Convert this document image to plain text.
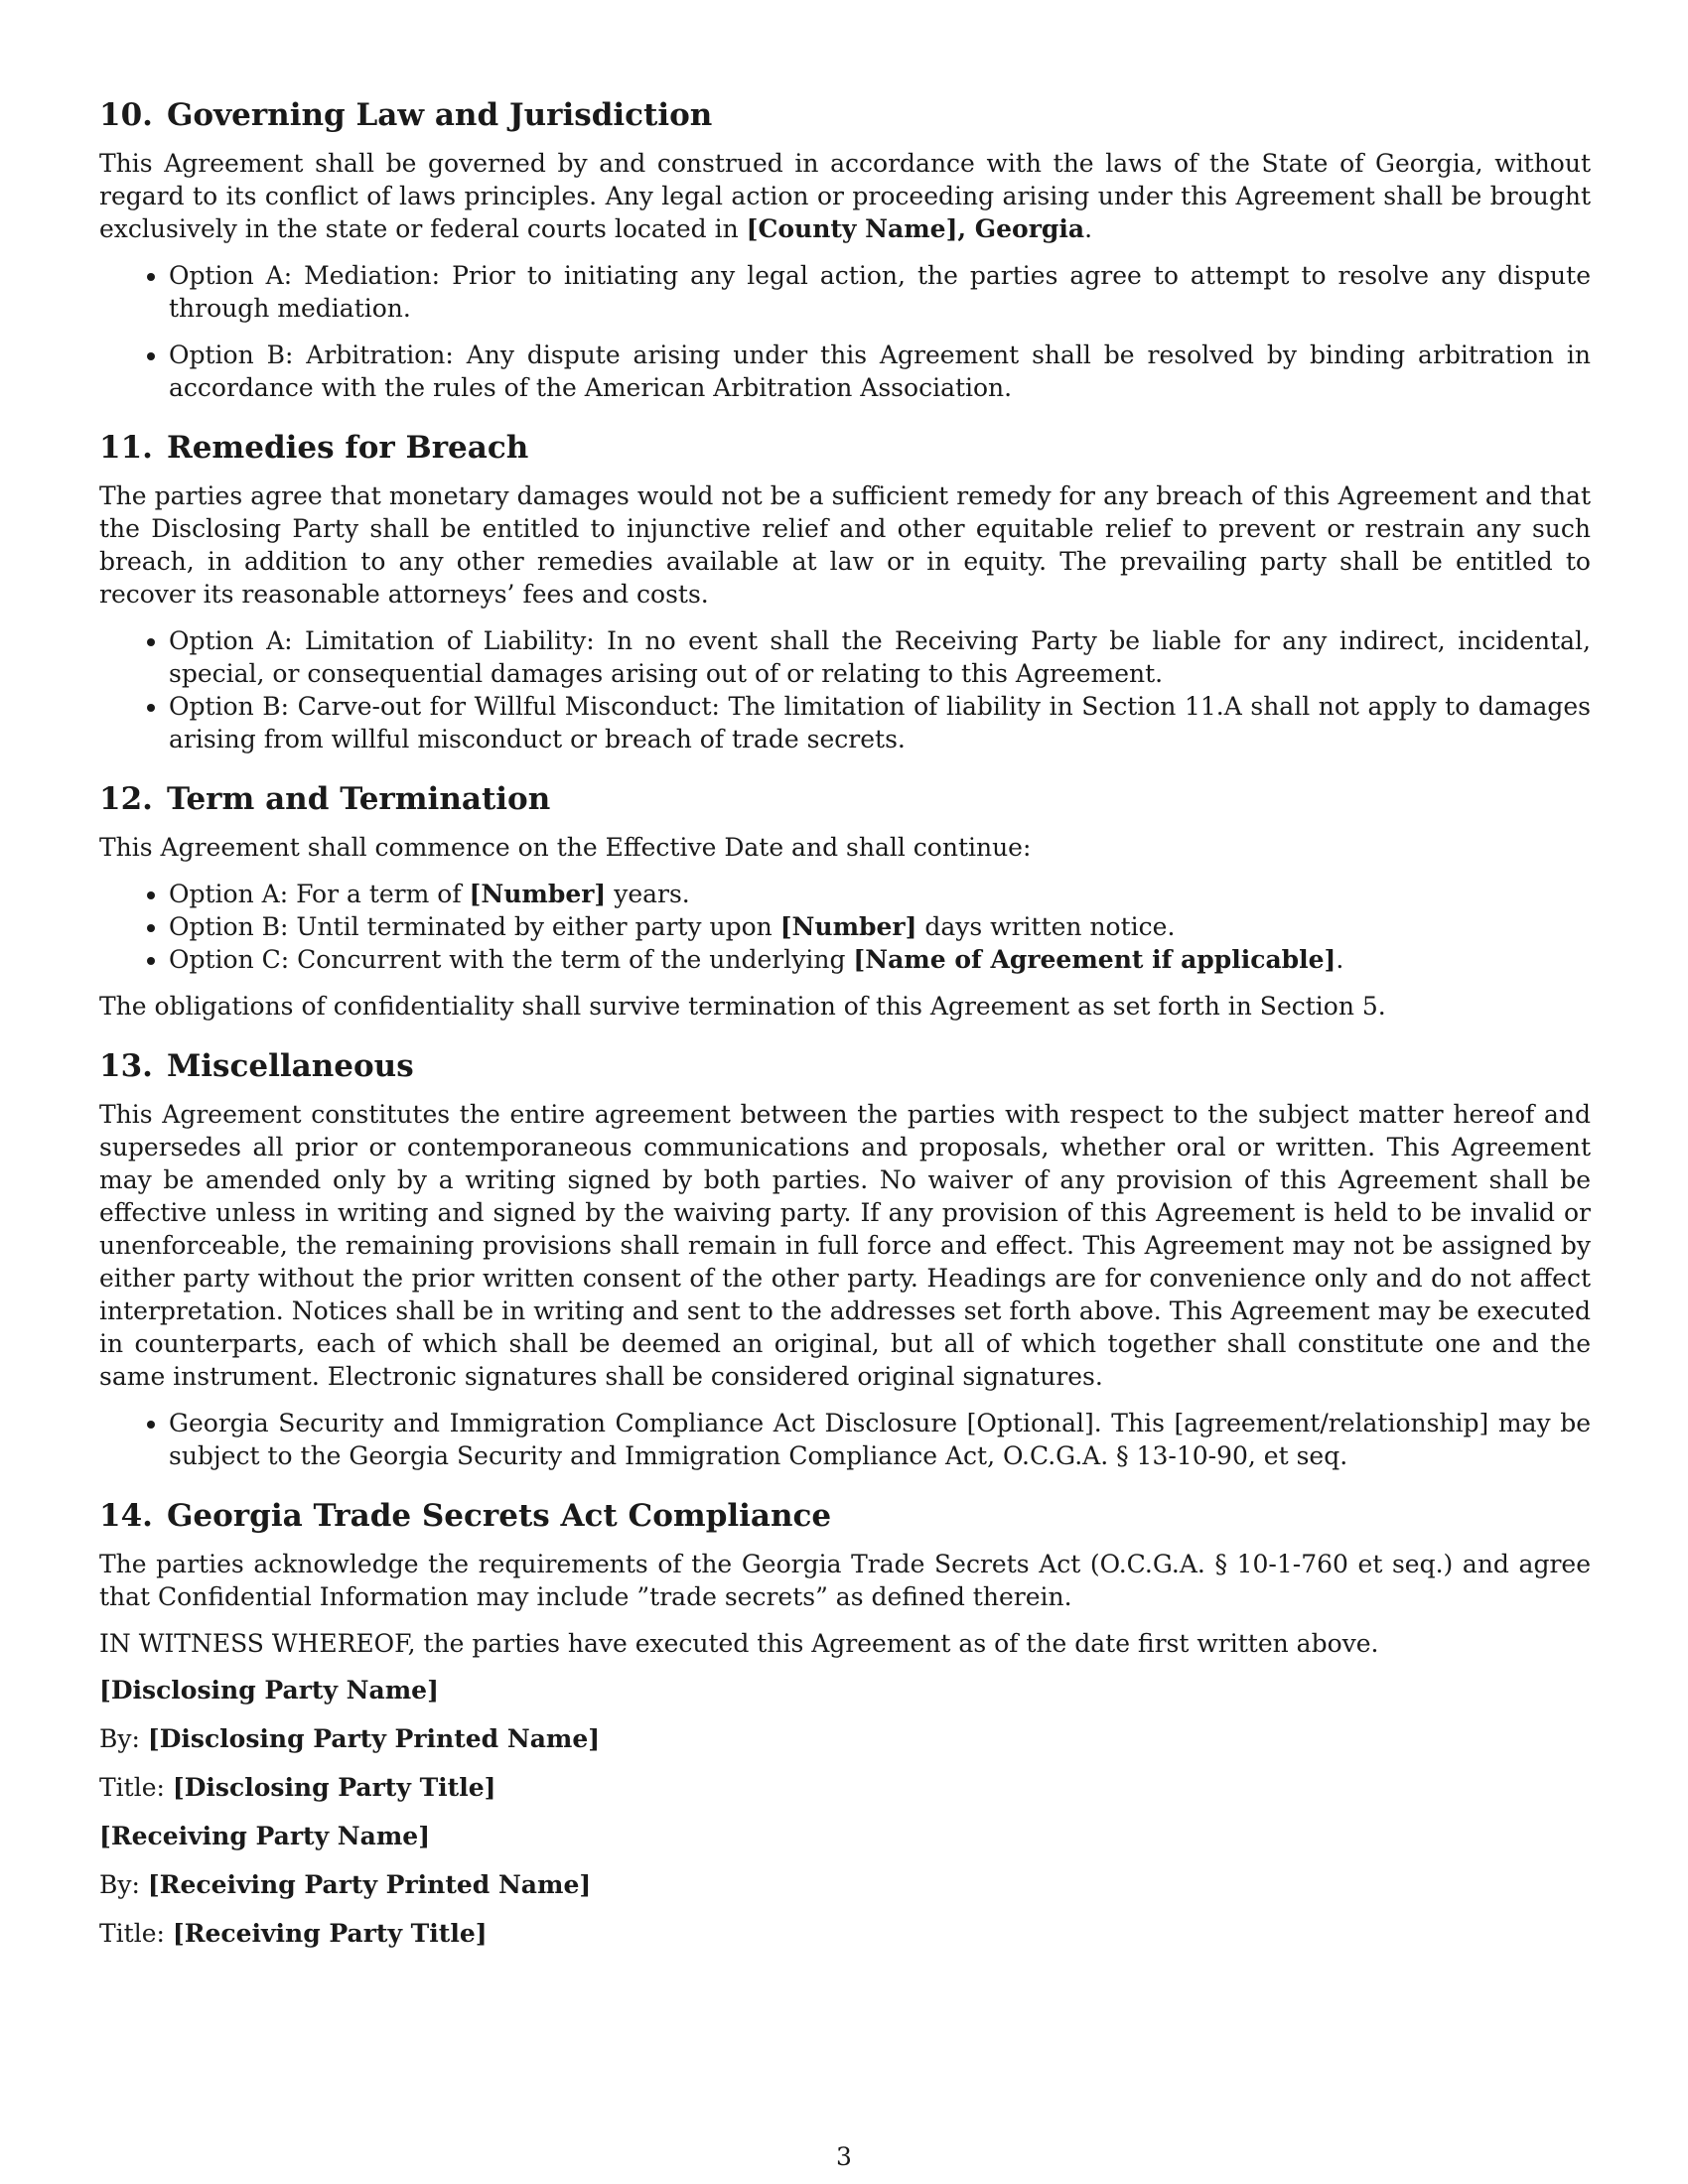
10. Governing Law and Jurisdiction

This Agreement shall be governed by and construed in accordance with the laws of the State of Georgia, without regard to its conflict of laws principles. Any legal action or proceeding arising under this Agreement shall be brought exclusively in the state or federal courts located in [County Name], Georgia.

• Option A: Mediation: Prior to initiating any legal action, the parties agree to attempt to resolve any dispute through mediation.
• Option B: Arbitration: Any dispute arising under this Agreement shall be resolved by binding arbitration in accordance with the rules of the American Arbitration Association.
11. Remedies for Breach

The parties agree that monetary damages would not be a sufficient remedy for any breach of this Agreement and that the Disclosing Party shall be entitled to injunctive relief and other equitable relief to prevent or restrain any such breach, in addition to any other remedies available at law or in equity. The prevailing party shall be entitled to recover its reasonable attorneys’ fees and costs.

• Option A: Limitation of Liability: In no event shall the Receiving Party be liable for any indirect, incidental, special, or consequential damages arising out of or relating to this Agreement.
• Option B: Carve-out for Willful Misconduct: The limitation of liability in Section 11.A shall not apply to damages arising from willful misconduct or breach of trade secrets.
12. Term and Termination

This Agreement shall commence on the Effective Date and shall continue:

• Option A: For a term of [Number] years.
• Option B: Until terminated by either party upon [Number] days written notice.
• Option C: Concurrent with the term of the underlying [Name of Agreement if applicable].

The obligations of confidentiality shall survive termination of this Agreement as set forth in Section 5.

13. Miscellaneous

This Agreement constitutes the entire agreement between the parties with respect to the subject matter hereof and supersedes all prior or contemporaneous communications and proposals, whether oral or written. This Agreement may be amended only by a writing signed by both parties. No waiver of any provision of this Agreement shall be effective unless in writing and signed by the waiving party. If any provision of this Agreement is held to be invalid or unenforceable, the remaining provisions shall remain in full force and effect. This Agreement may not be assigned by either party without the prior written consent of the other party. Headings are for convenience only and do not affect interpretation. Notices shall be in writing and sent to the addresses set forth above. This Agreement may be executed in counterparts, each of which shall be deemed an original, but all of which together shall constitute one and the same instrument. Electronic signatures shall be considered original signatures.

• Georgia Security and Immigration Compliance Act Disclosure [Optional]. This [agreement/relationship] may be subject to the Georgia Security and Immigration Compliance Act, O.C.G.A. § 13-10-90, et seq.
14. Georgia Trade Secrets Act Compliance

The parties acknowledge the requirements of the Georgia Trade Secrets Act (O.C.G.A. § 10-1-760 et seq.) and agree that Confidential Information may include ”trade secrets” as defined therein.

IN WITNESS WHEREOF, the parties have executed this Agreement as of the date first written above.

[Disclosing Party Name]
By: [Disclosing Party Printed Name]
Title: [Disclosing Party Title]
[Receiving Party Name]
By: [Receiving Party Printed Name]
Title: [Receiving Party Title]
3
